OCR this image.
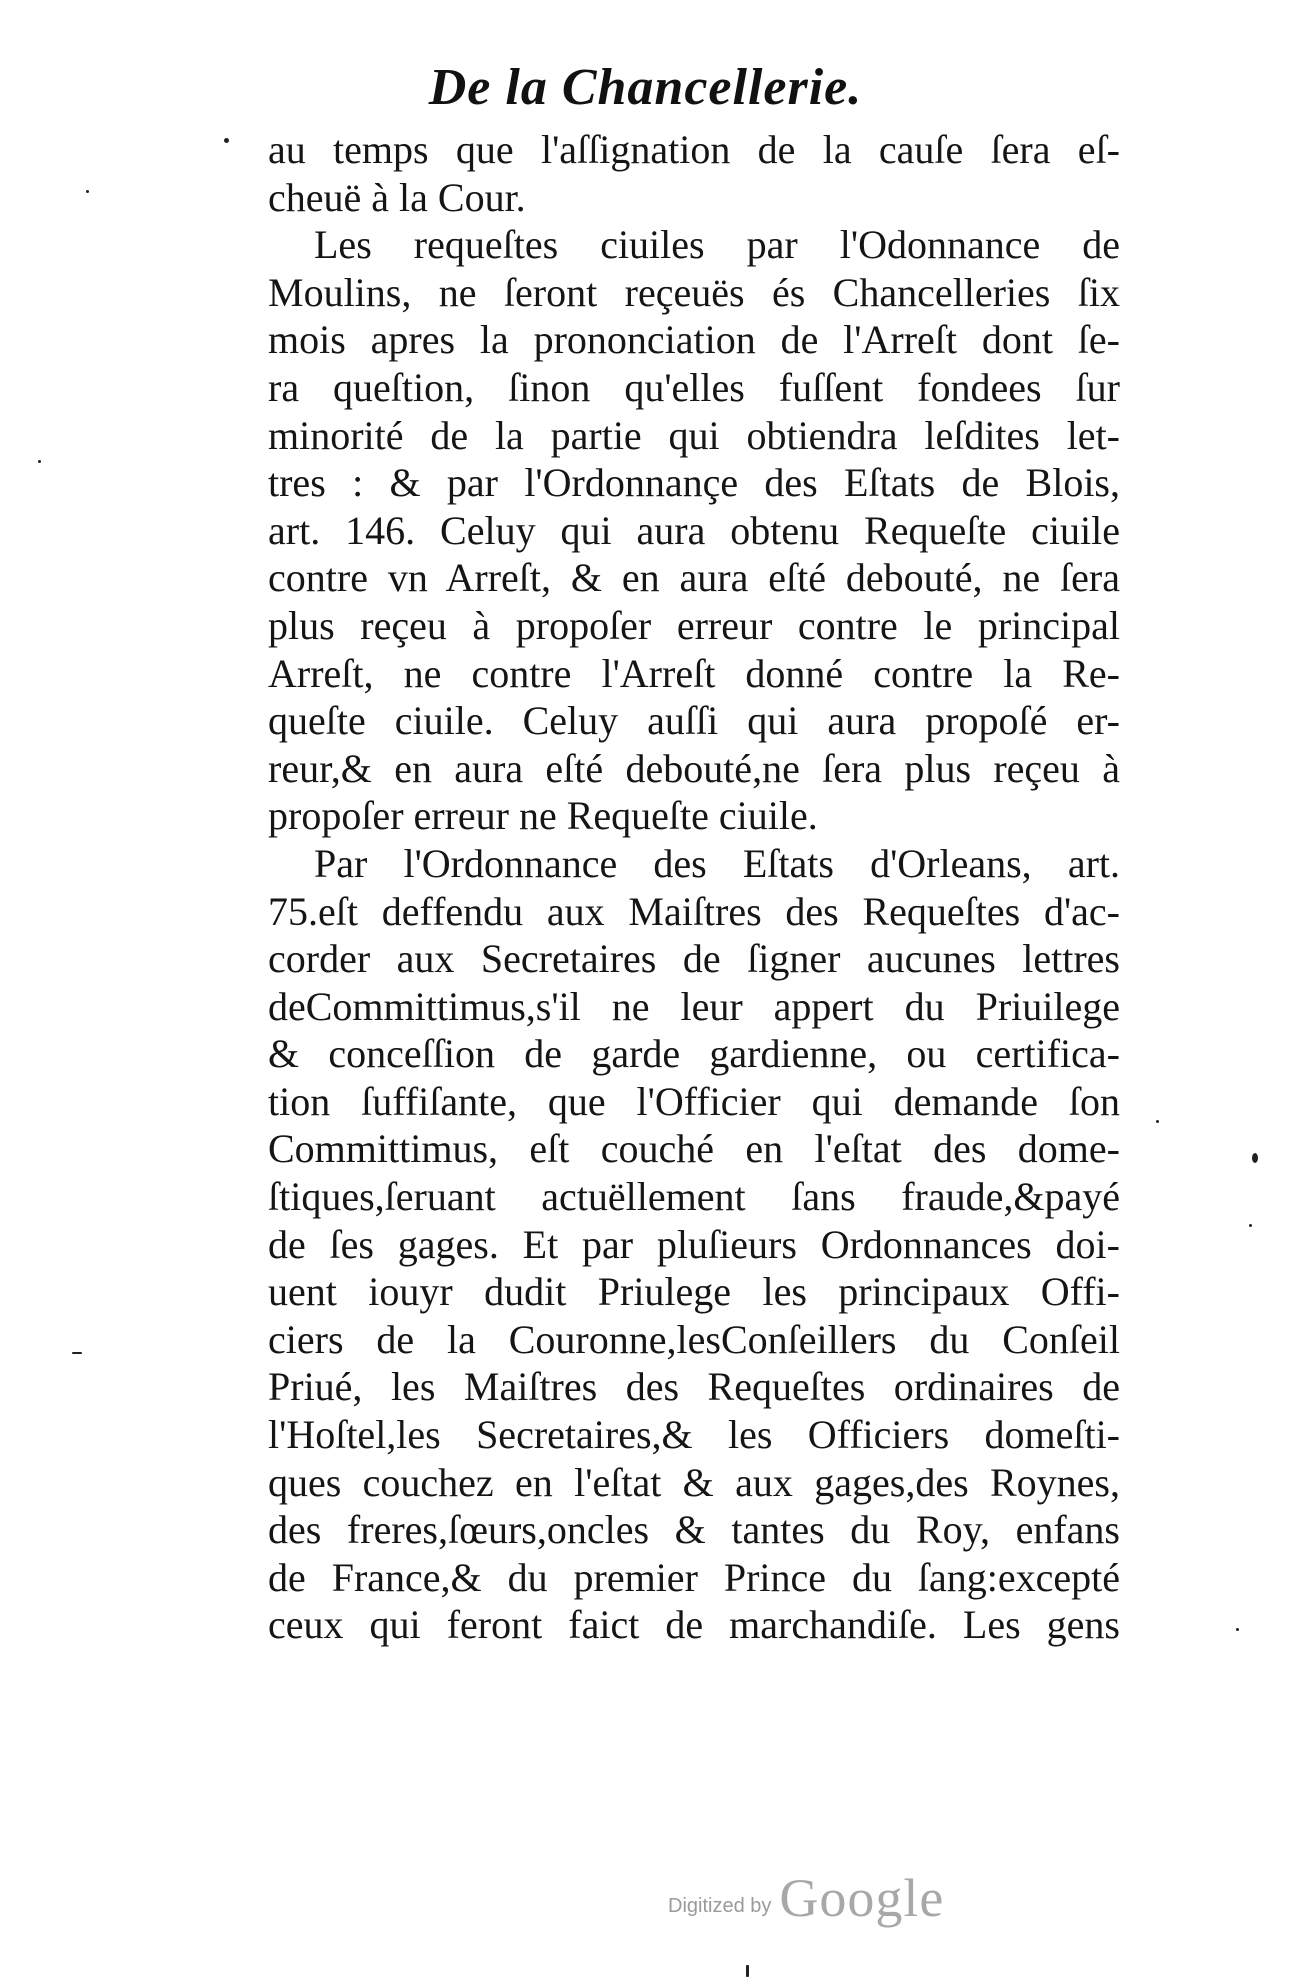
De la Chancellerie.
au temps que l'aſſignation de la cauſe ſera eſ-
cheuë à la Cour.
Les requeſtes ciuiles par l'Odonnance de
Moulins, ne ſeront reçeuës és Chancelleries ſix
mois apres la prononciation de l'Arreſt dont ſe-
ra queſtion, ſinon qu'elles fuſſent fondees ſur
minorité de la partie qui obtiendra leſdites let-
tres : & par l'Ordonnançe des Eſtats de Blois,
art. 146. Celuy qui aura obtenu Requeſte ciuile
contre vn Arreſt, & en aura eſté debouté, ne ſera
plus reçeu à propoſer erreur contre le principal
Arreſt, ne contre l'Arreſt donné contre la Re-
queſte ciuile. Celuy auſſi qui aura propoſé er-
reur,& en aura eſté debouté,ne ſera plus reçeu à
propoſer erreur ne Requeſte ciuile.
Par l'Ordonnance des Eſtats d'Orleans, art.
75.eſt deffendu aux Maiſtres des Requeſtes d'ac-
corder aux Secretaires de ſigner aucunes lettres
deCommittimus,s'il ne leur appert du Priuilege
& conceſſion de garde gardienne, ou certifica-
tion ſuffiſante, que l'Officier qui demande ſon
Committimus, eſt couché en l'eſtat des dome-
ſtiques,ſeruant actuëllement ſans fraude,&payé
de ſes gages. Et par pluſieurs Ordonnances doi-
uent iouyr dudit Priulege les principaux Offi-
ciers de la Couronne,lesConſeillers du Conſeil
Priué, les Maiſtres des Requeſtes ordinaires de
l'Hoſtel,les Secretaires,& les Officiers domeſti-
ques couchez en l'eſtat & aux gages,des Roynes,
des freres,ſœurs,oncles & tantes du Roy, enfans
de France,& du premier Prince du ſang:excepté
ceux qui feront faict de marchandiſe. Les gens
Digitized by Google
